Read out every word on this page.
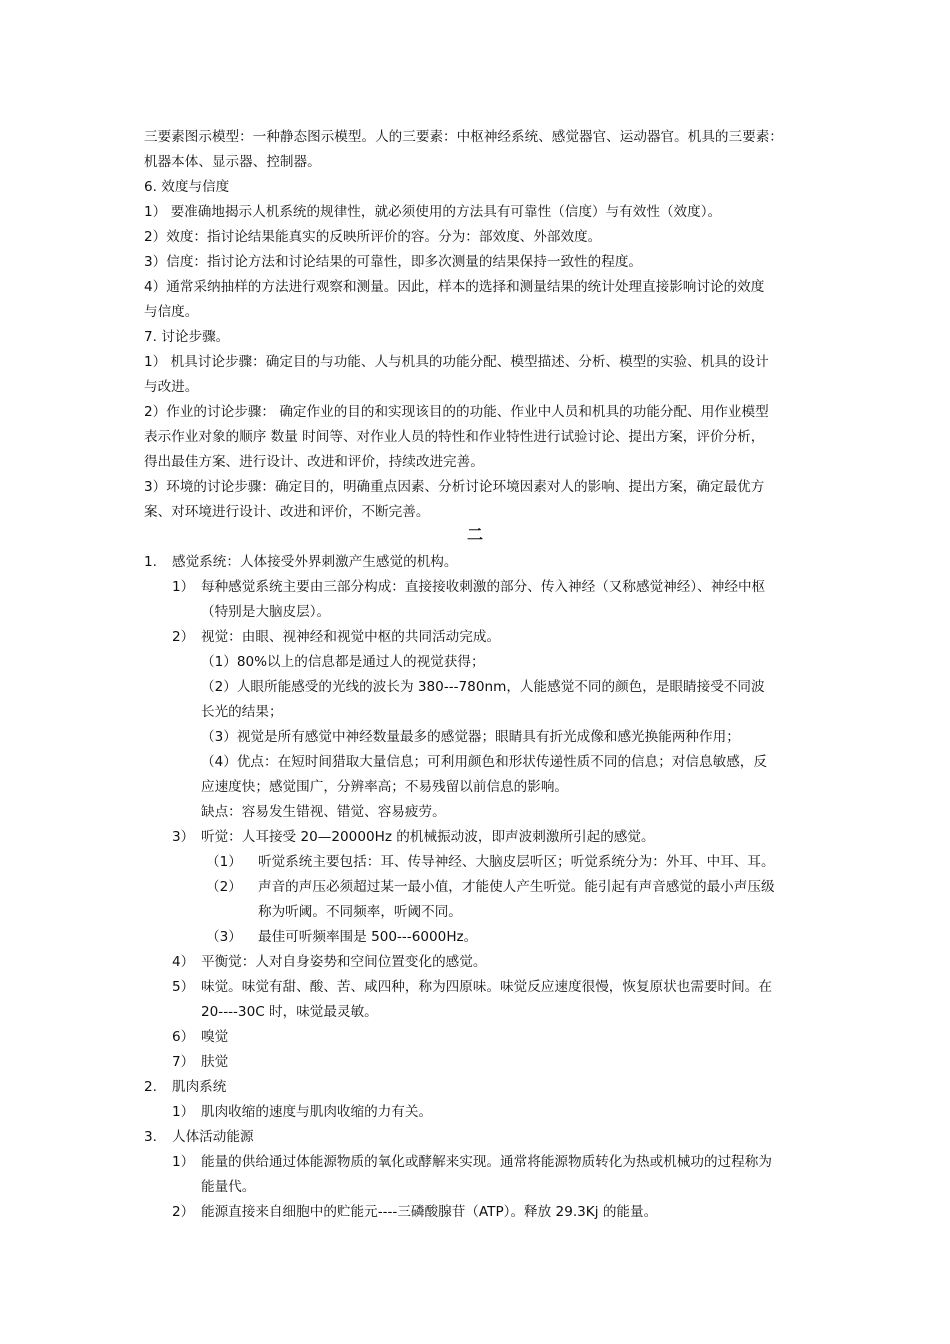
三要素图示模型：一种静态图示模型。人的三要素：中枢神经系统、感觉器官、运动器官。机具的三要素：
机器本体、显示器、控制器。
6. 效度与信度
1） 要准确地揭示人机系统的规律性，就必须使用的方法具有可靠性（信度）与有效性（效度）。
2）效度：指讨论结果能真实的反映所评价的容。分为：部效度、外部效度。
3）信度：指讨论方法和讨论结果的可靠性，即多次测量的结果保持一致性的程度。
4）通常采纳抽样的方法进行观察和测量。因此，样本的选择和测量结果的统计处理直接影响讨论的效度
与信度。
7. 讨论步骤。
1） 机具讨论步骤：确定目的与功能、人与机具的功能分配、模型描述、分析、模型的实验、机具的设计
与改进。
2）作业的讨论步骤： 确定作业的目的和实现该目的的功能、作业中人员和机具的功能分配、用作业模型
表示作业对象的顺序 数量 时间等、对作业人员的特性和作业特性进行试验讨论、提出方案，评价分析，
得出最佳方案、进行设计、改进和评价，持续改进完善。
3）环境的讨论步骤：确定目的，明确重点因素、分析讨论环境因素对人的影响、提出方案，确定最优方
案、对环境进行设计、改进和评价，不断完善。
二
1. 感觉系统：人体接受外界刺激产生感觉的机构。
1） 每种感觉系统主要由三部分构成：直接接收刺激的部分、传入神经（又称感觉神经）、神经中枢
（特别是大脑皮层）。
2） 视觉：由眼、视神经和视觉中枢的共同活动完成。
（1）80%以上的信息都是通过人的视觉获得；
（2）人眼所能感受的光线的波长为 380---780nm，人能感觉不同的颜色，是眼睛接受不同波
长光的结果；
（3）视觉是所有感觉中神经数量最多的感觉器；眼睛具有折光成像和感光换能两种作用；
（4）优点：在短时间猎取大量信息；可利用颜色和形状传递性质不同的信息；对信息敏感，反
应速度快；感觉围广，分辨率高；不易残留以前信息的影响。
缺点：容易发生错视、错觉、容易疲劳。
3） 听觉：人耳接受 20—20000Hz 的机械振动波，即声波刺激所引起的感觉。
（1） 听觉系统主要包括：耳、传导神经、大脑皮层听区；听觉系统分为：外耳、中耳、耳。
（2） 声音的声压必须超过某一最小值，才能使人产生听觉。能引起有声音感觉的最小声压级
称为听阈。不同频率，听阈不同。
（3） 最佳可听频率围是 500---6000Hz。
4） 平衡觉：人对自身姿势和空间位置变化的感觉。
5） 味觉。味觉有甜、酸、苦、咸四种，称为四原味。味觉反应速度很慢，恢复原状也需要时间。在
20----30C 时，味觉最灵敏。
6） 嗅觉
7） 肤觉
2. 肌肉系统
1） 肌肉收缩的速度与肌肉收缩的力有关。
3. 人体活动能源
1） 能量的供给通过体能源物质的氧化或酵解来实现。通常将能源物质转化为热或机械功的过程称为
能量代。
2） 能源直接来自细胞中的贮能元----三磷酸腺苷（ATP）。释放 29.3Kj 的能量。
